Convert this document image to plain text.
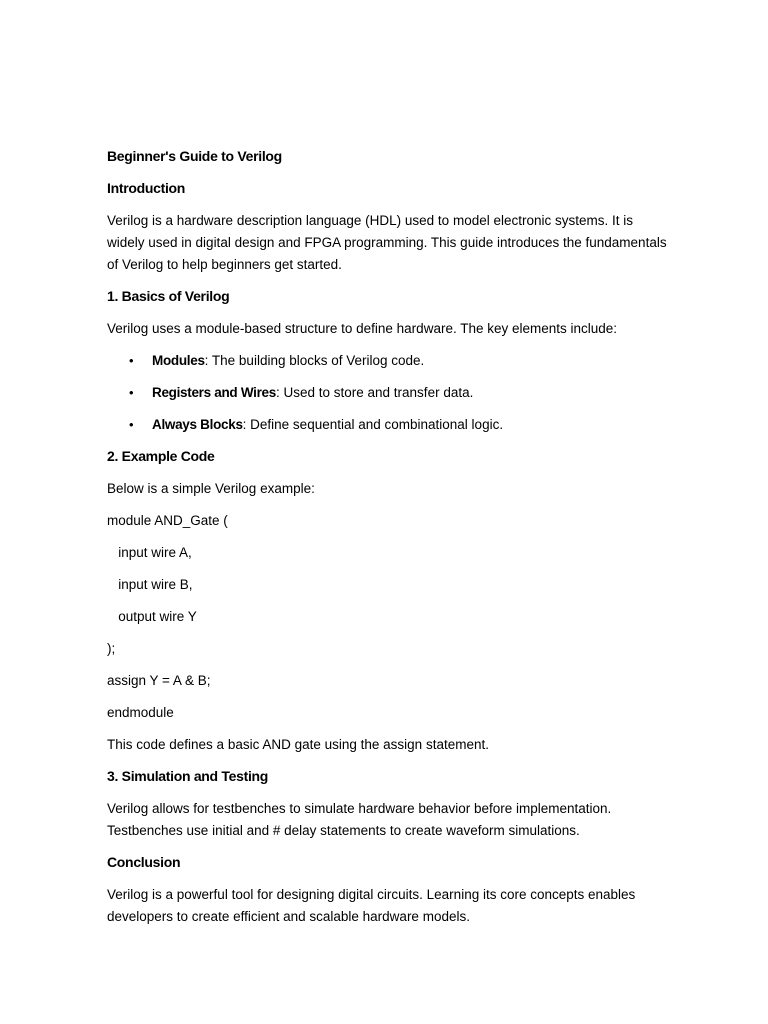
Beginner's Guide to Verilog

Introduction

Verilog is a hardware description language (HDL) used to model electronic systems. It is widely used in digital design and FPGA programming. This guide introduces the fundamentals of Verilog to help beginners get started.

1. Basics of Verilog

Verilog uses a module-based structure to define hardware. The key elements include:

• Modules: The building blocks of Verilog code.
• Registers and Wires: Used to store and transfer data.
• Always Blocks: Define sequential and combinational logic.

2. Example Code

Below is a simple Verilog example:

module AND_Gate (

input wire A,

input wire B,

output wire Y

);

assign Y = A & B;

endmodule

This code defines a basic AND gate using the assign statement.

3. Simulation and Testing

Verilog allows for testbenches to simulate hardware behavior before implementation. Testbenches use initial and # delay statements to create waveform simulations.

Conclusion

Verilog is a powerful tool for designing digital circuits. Learning its core concepts enables developers to create efficient and scalable hardware models.
